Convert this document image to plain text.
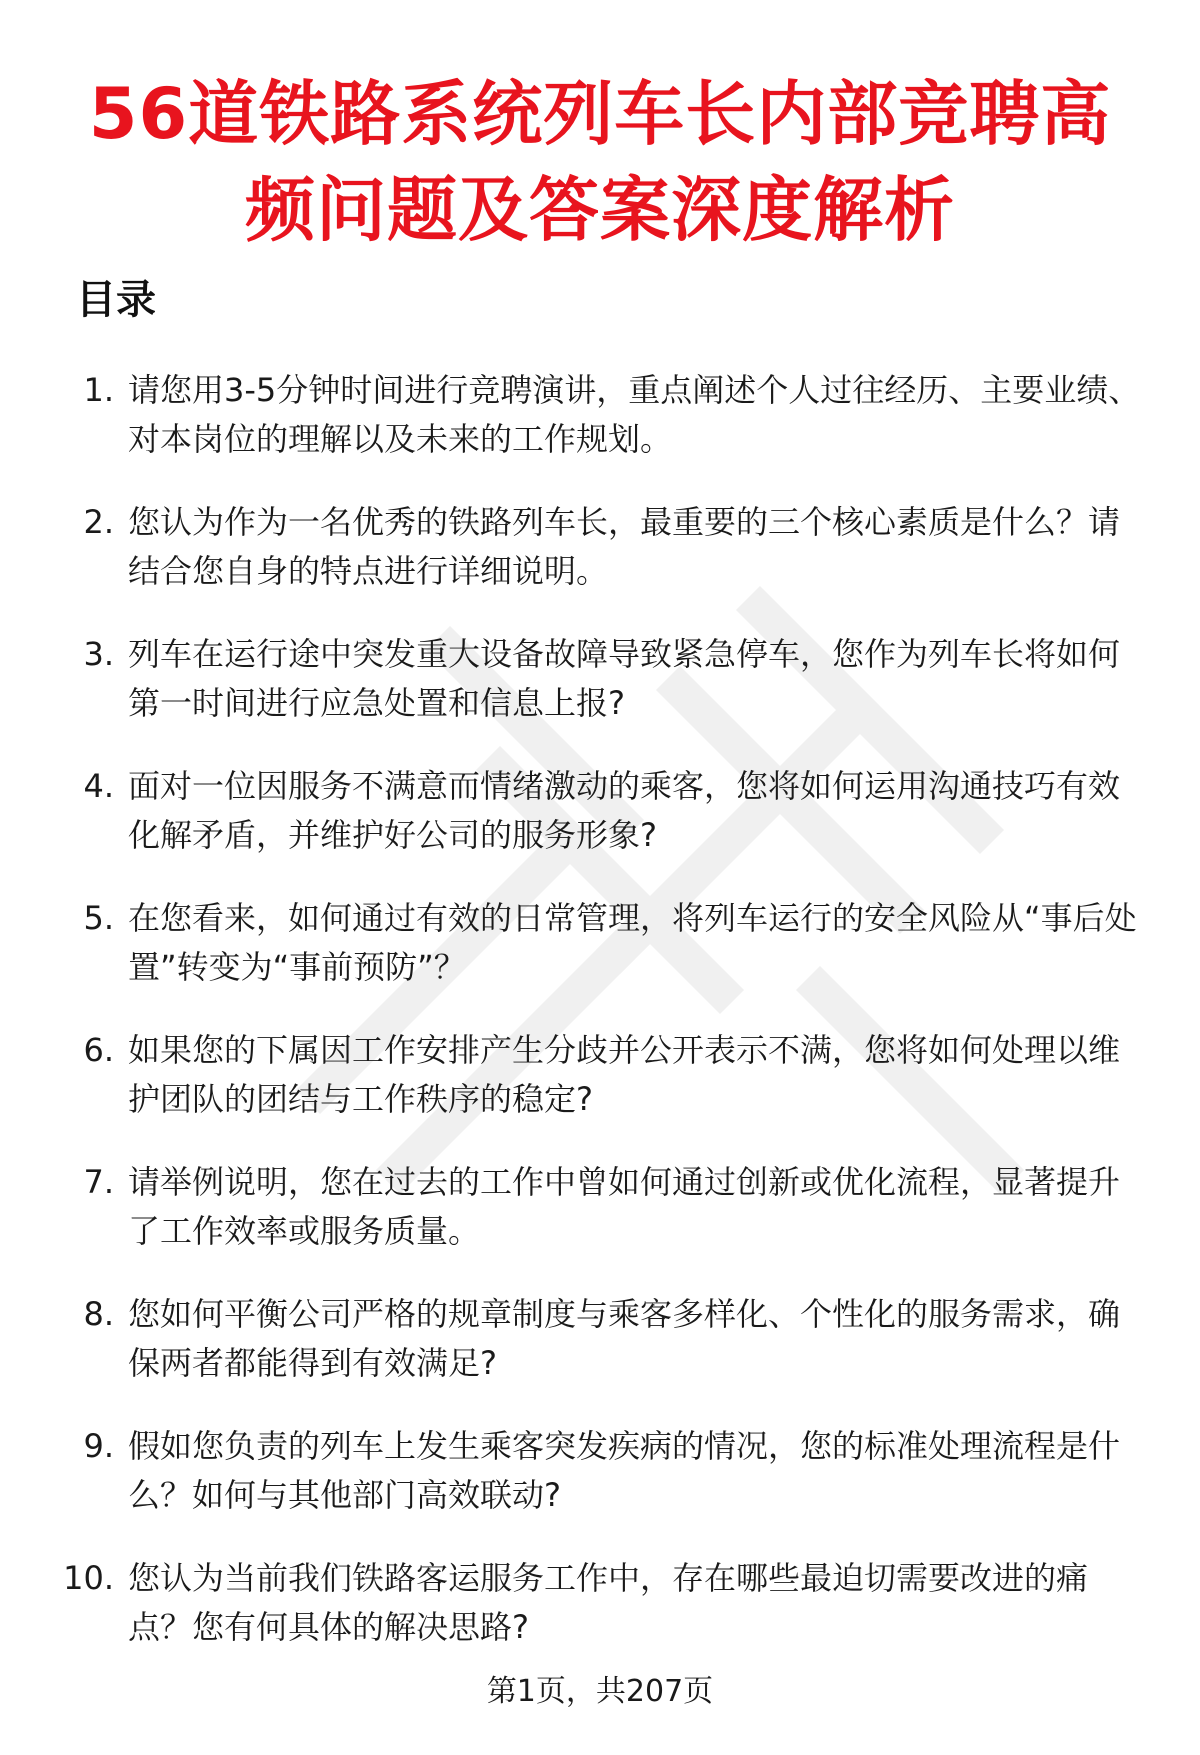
56道铁路系统列车长内部竞聘高频问题及答案深度解析
目录
1. 请您用3-5分钟时间进行竞聘演讲，重点阐述个人过往经历、主要业绩、对本岗位的理解以及未来的工作规划。
2. 您认为作为一名优秀的铁路列车长，最重要的三个核心素质是什么？请结合您自身的特点进行详细说明。
3. 列车在运行途中突发重大设备故障导致紧急停车，您作为列车长将如何第一时间进行应急处置和信息上报?
4. 面对一位因服务不满意而情绪激动的乘客，您将如何运用沟通技巧有效化解矛盾，并维护好公司的服务形象?
5. 在您看来，如何通过有效的日常管理，将列车运行的安全风险从“事后处置”转变为“事前预防”？
6. 如果您的下属因工作安排产生分歧并公开表示不满，您将如何处理以维护团队的团结与工作秩序的稳定?
7. 请举例说明，您在过去的工作中曾如何通过创新或优化流程，显著提升了工作效率或服务质量。
8. 您如何平衡公司严格的规章制度与乘客多样化、个性化的服务需求，确保两者都能得到有效满足?
9. 假如您负责的列车上发生乘客突发疾病的情况，您的标准处理流程是什么？如何与其他部门高效联动?
10. 您认为当前我们铁路客运服务工作中，存在哪些最迫切需要改进的痛点？您有何具体的解决思路?
第1页，共207页
